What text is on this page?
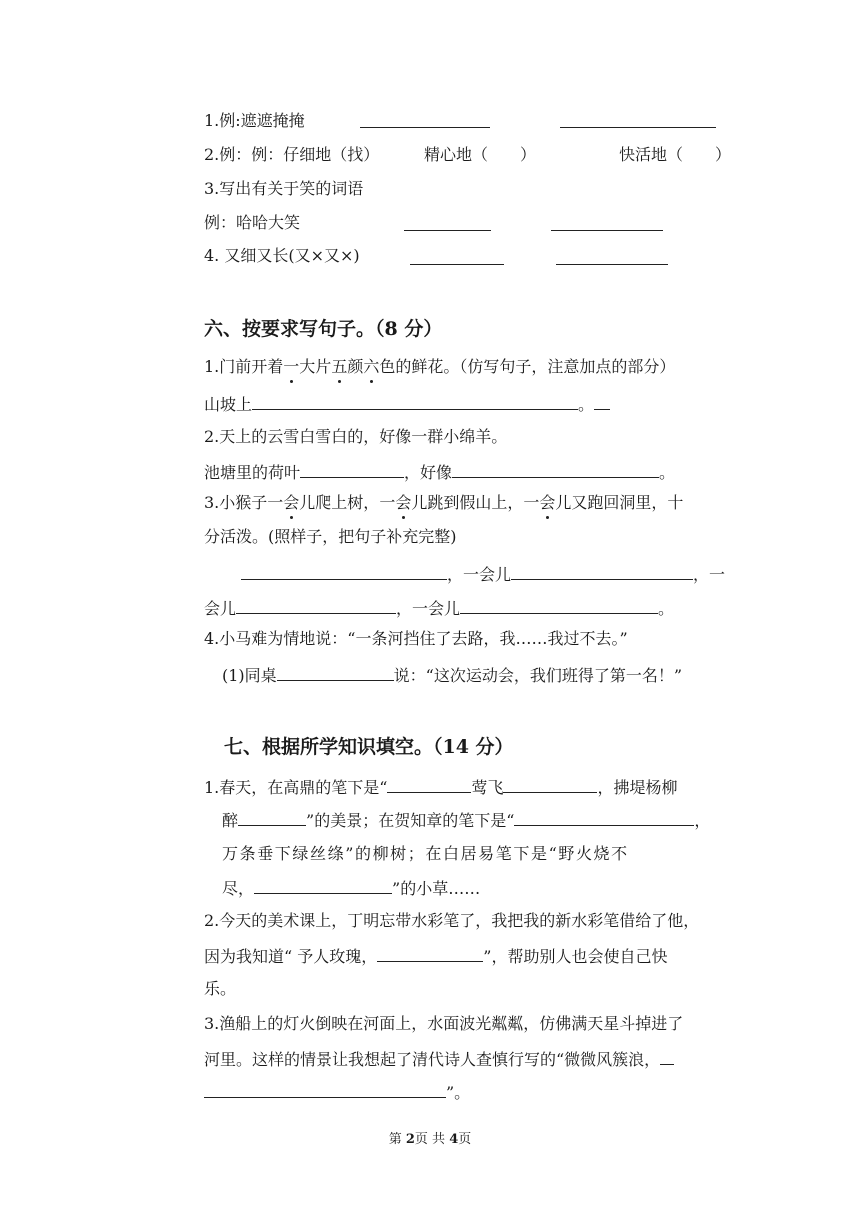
1.例:遮遮掩掩
2.例：例：仔细地（找）	精心地（　　）	快活地（　　）
3.写出有关于笑的词语
例：哈哈大笑
4. 又细又长(又×又×)
六、按要求写句子。（8 分）
1.门前开着一大片五颜六色的鲜花。（仿写句子，注意加点的部分）
山坡上	。
2.天上的云雪白雪白的，好像一群小绵羊。
池塘里的荷叶	，好像	。
3.小猴子一会儿爬上树，一会儿跳到假山上，一会儿又跑回洞里，十
分活泼。(照样子，把句子补充完整)
，一会儿	，一
会儿	，一会儿	。
4.小马难为情地说：“一条河挡住了去路，我……我过不去。”
(1)同桌	说：“这次运动会，我们班得了第一名！”
七、根据所学知识填空。（14 分）
1.春天，在高鼎的笔下是“	莺飞	，拂堤杨柳
醉	”的美景；在贺知章的笔下是“	，
万条垂下绿丝绦”的柳树；在白居易笔下是“野火烧不
尽，	”的小草……
2.今天的美术课上，丁明忘带水彩笔了，我把我的新水彩笔借给了他，
因为我知道“ 予人玫瑰，	”，帮助别人也会使自己快
乐。
3.渔船上的灯火倒映在河面上，水面波光粼粼，仿佛满天星斗掉进了
河里。这样的情景让我想起了清代诗人查慎行写的“微微风簇浪，
”。
第 2页 共 4页
